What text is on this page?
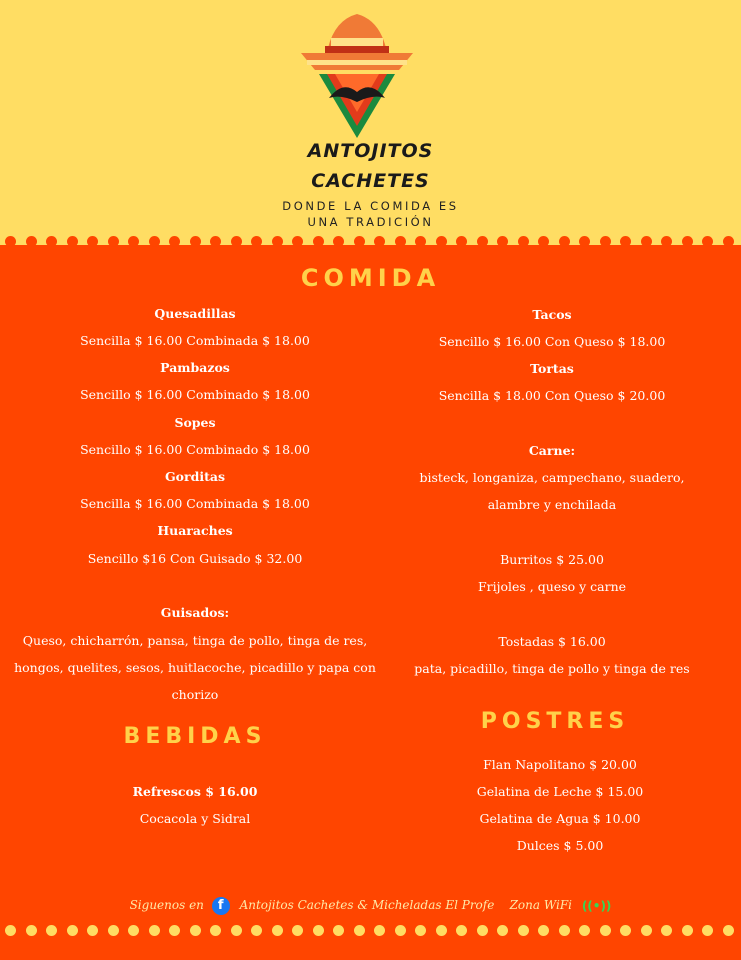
ANTOJITOS
CACHETES
DONDE LA COMIDA ES
UNA TRADICIÓN
COMIDA
Quesadillas
Sencilla $ 16.00 Combinada $ 18.00
Pambazos
Sencillo $ 16.00 Combinado $ 18.00
Sopes
Sencillo $ 16.00 Combinado $ 18.00
Gorditas
Sencilla $ 16.00 Combinada $ 18.00
Huaraches
Sencillo $16 Con Guisado $ 32.00
Guisados:
Queso, chicharrón, pansa, tinga de pollo, tinga de res,
hongos, quelites, sesos, huitlacoche, picadillo y papa con
chorizo
Tacos
Sencillo $ 16.00 Con Queso $ 18.00
Tortas
Sencilla $ 18.00 Con Queso $ 20.00
Carne:
bisteck, longaniza, campechano, suadero,
alambre y enchilada
Burritos $ 25.00
Frijoles , queso y carne
Tostadas $ 16.00
pata, picadillo, tinga de pollo y tinga de res
BEBIDAS
Refrescos $ 16.00
Cocacola y Sidral
POSTRES
Flan Napolitano $ 20.00
Gelatina de Leche $ 15.00
Gelatina de Agua $ 10.00
Dulces $ 5.00
Siguenos en f Antojitos Cachetes & Micheladas El Profe Zona WiFi ((•))
